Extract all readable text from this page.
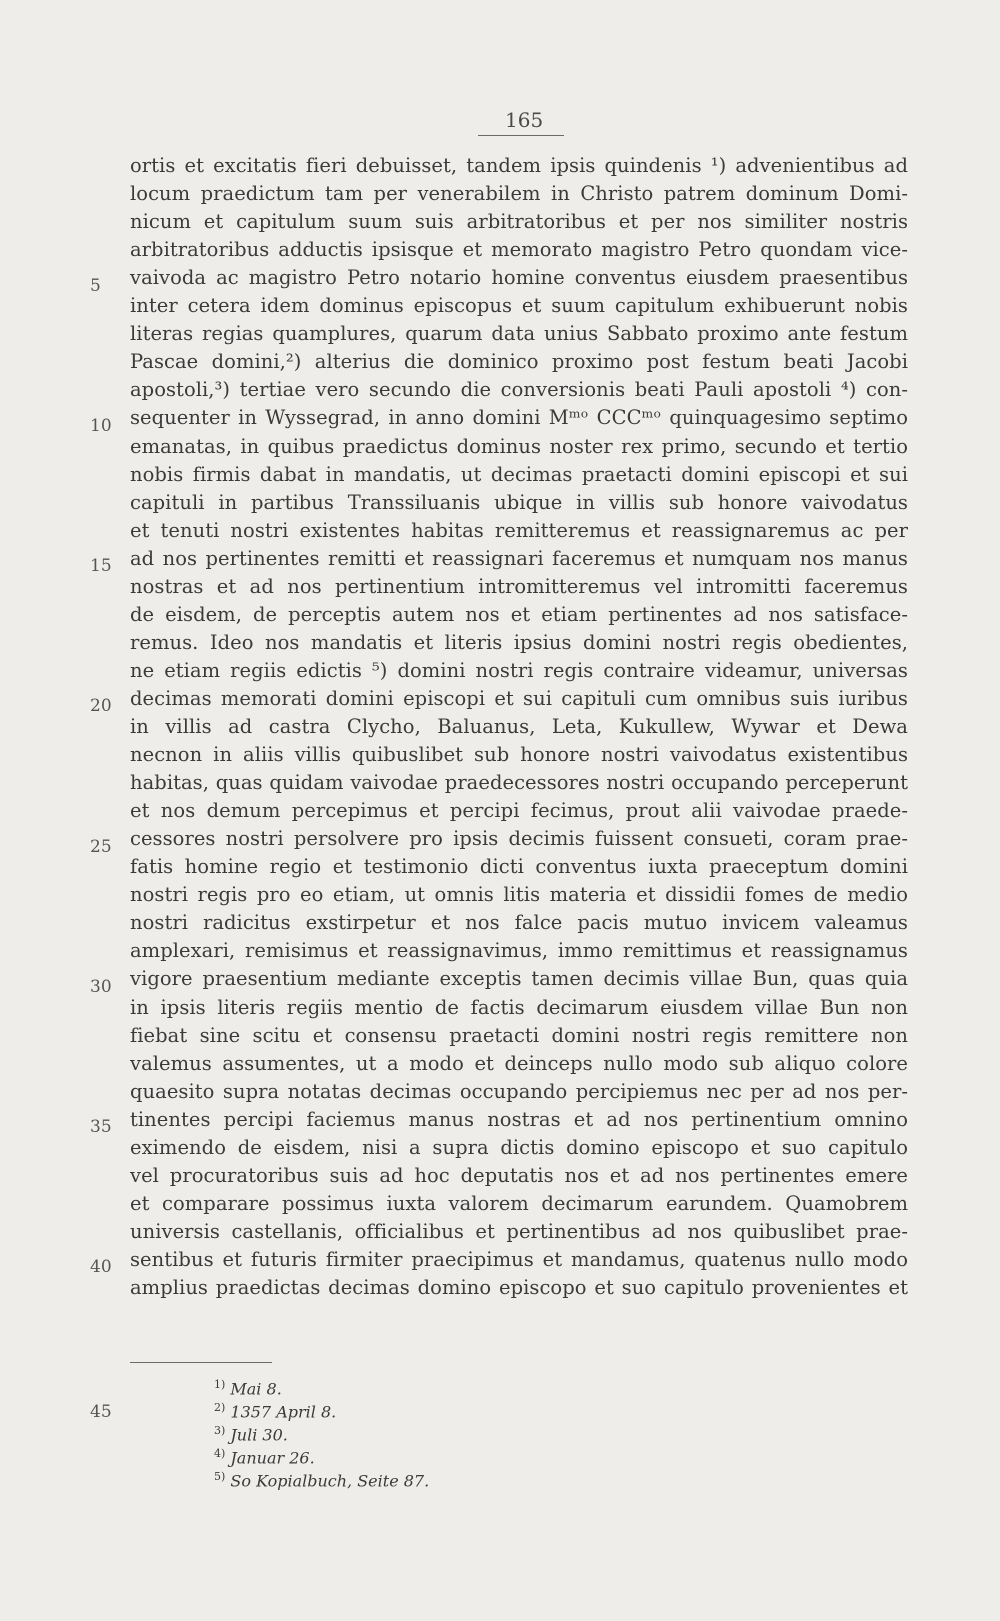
165
ortis et excitatis fieri debuisset, tandem ipsis quindenis ¹) advenientibus ad
locum praedictum tam per venerabilem in Christo patrem dominum Domi-
nicum et capitulum suum suis arbitratoribus et per nos similiter nostris
arbitratoribus adductis ipsisque et memorato magistro Petro quondam vice-
vaivoda ac magistro Petro notario homine conventus eiusdem praesentibus
inter cetera idem dominus episcopus et suum capitulum exhibuerunt nobis
literas regias quamplures, quarum data unius Sabbato proximo ante festum
Pascae domini,²) alterius die dominico proximo post festum beati Jacobi
apostoli,³) tertiae vero secundo die conversionis beati Pauli apostoli ⁴) con-
sequenter in Wyssegrad, in anno domini Mᵐᵒ CCCᵐᵒ quinquagesimo septimo
emanatas, in quibus praedictus dominus noster rex primo, secundo et tertio
nobis firmis dabat in mandatis, ut decimas praetacti domini episcopi et sui
capituli in partibus Transsiluanis ubique in villis sub honore vaivodatus
et tenuti nostri existentes habitas remitteremus et reassignaremus ac per
ad nos pertinentes remitti et reassignari faceremus et numquam nos manus
nostras et ad nos pertinentium intromitteremus vel intromitti faceremus
de eisdem, de perceptis autem nos et etiam pertinentes ad nos satisface-
remus. Ideo nos mandatis et literis ipsius domini nostri regis obedientes,
ne etiam regiis edictis ⁵) domini nostri regis contraire videamur, universas
decimas memorati domini episcopi et sui capituli cum omnibus suis iuribus
in villis ad castra Clycho, Baluanus, Leta, Kukullew, Wywar et Dewa
necnon in aliis villis quibuslibet sub honore nostri vaivodatus existentibus
habitas, quas quidam vaivodae praedecessores nostri occupando perceperunt
et nos demum percepimus et percipi fecimus, prout alii vaivodae praede-
cessores nostri persolvere pro ipsis decimis fuissent consueti, coram prae-
fatis homine regio et testimonio dicti conventus iuxta praeceptum domini
nostri regis pro eo etiam, ut omnis litis materia et dissidii fomes de medio
nostri radicitus exstirpetur et nos falce pacis mutuo invicem valeamus
amplexari, remisimus et reassignavimus, immo remittimus et reassignamus
vigore praesentium mediante exceptis tamen decimis villae Bun, quas quia
in ipsis literis regiis mentio de factis decimarum eiusdem villae Bun non
fiebat sine scitu et consensu praetacti domini nostri regis remittere non
valemus assumentes, ut a modo et deinceps nullo modo sub aliquo colore
quaesito supra notatas decimas occupando percipiemus nec per ad nos per-
tinentes percipi faciemus manus nostras et ad nos pertinentium omnino
eximendo de eisdem, nisi a supra dictis domino episcopo et suo capitulo
vel procuratoribus suis ad hoc deputatis nos et ad nos pertinentes emere
et comparare possimus iuxta valorem decimarum earundem. Quamobrem
universis castellanis, officialibus et pertinentibus ad nos quibuslibet prae-
sentibus et futuris firmiter praecipimus et mandamus, quatenus nullo modo
amplius praedictas decimas domino episcopo et suo capitulo provenientes et
5
10
15
20
25
30
35
40
45
$^{1)}$ Mai 8.
$^{2)}$ 1357 April 8.
$^{3)}$ Juli 30.
$^{4)}$ Januar 26.
$^{5)}$ So Kopialbuch, Seite 87.
